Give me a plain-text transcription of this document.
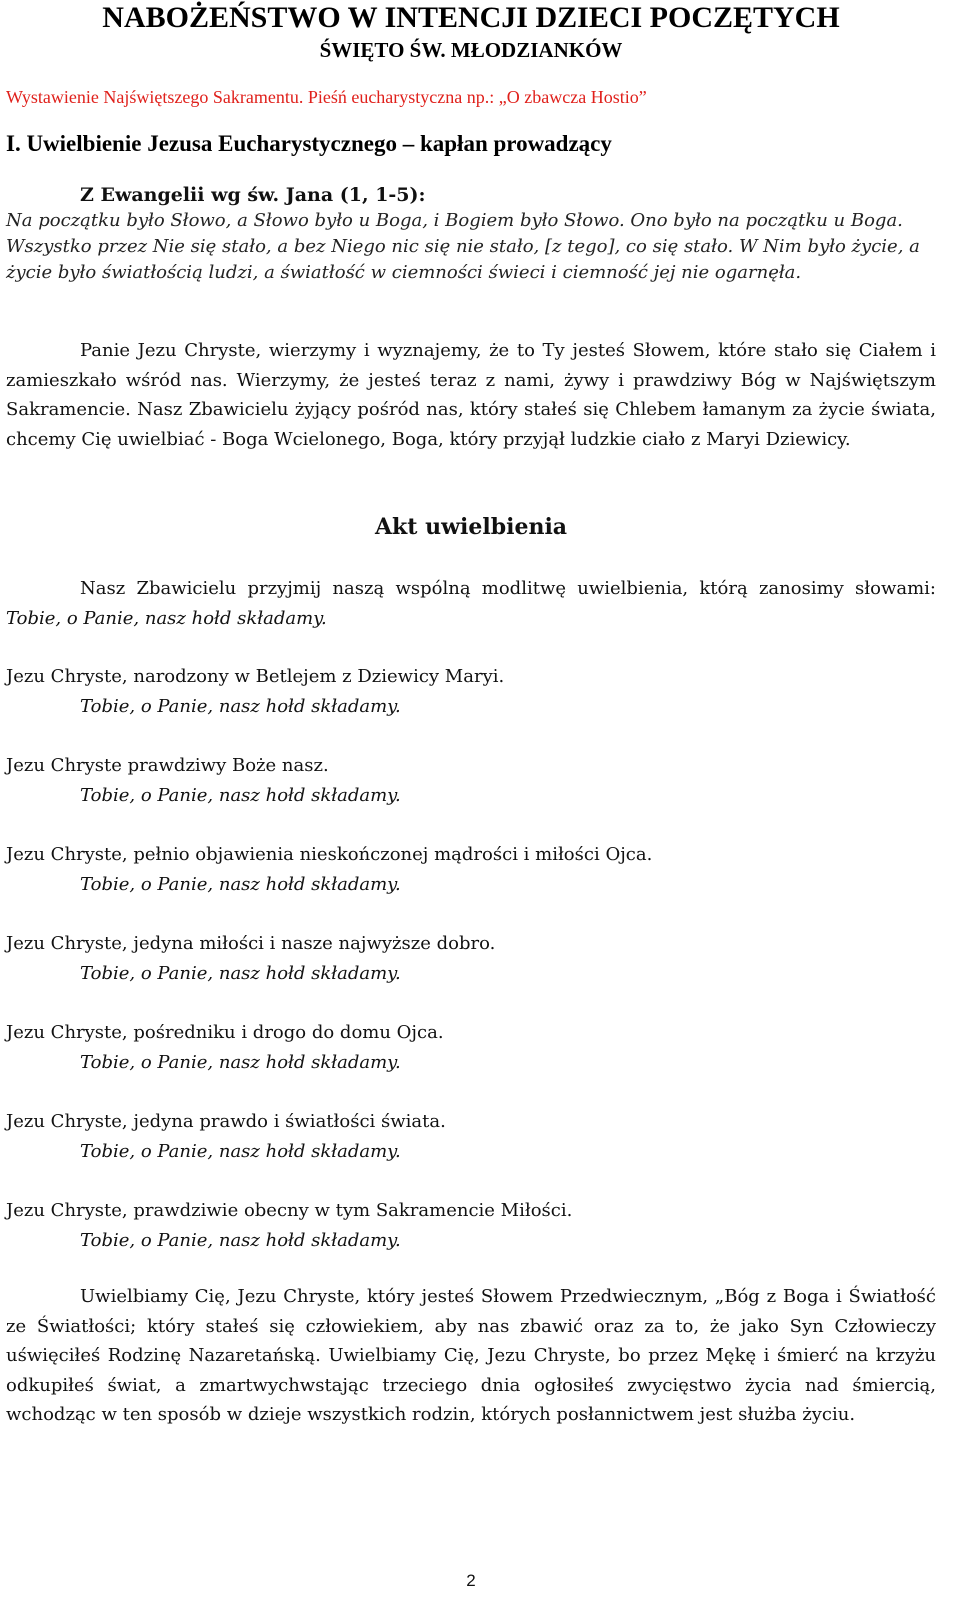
NABOŻEŃSTWO W INTENCJI DZIECI POCZĘTYCH
ŚWIĘTO ŚW. MŁODZIANKÓW
Wystawienie Najświętszego Sakramentu. Pieśń eucharystyczna np.: „O zbawcza Hostio”
I. Uwielbienie Jezusa Eucharystycznego – kapłan prowadzący
Z Ewangelii wg św. Jana (1, 1-5):
Na początku było Słowo, a Słowo było u Boga, i Bogiem było Słowo. Ono było na początku u Boga. Wszystko przez Nie się stało, a bez Niego nic się nie stało, [z tego], co się stało. W Nim było życie, a życie było światłością ludzi, a światłość w ciemności świeci i ciemność jej nie ogarnęła.
Panie Jezu Chryste, wierzymy i wyznajemy, że to Ty jesteś Słowem, które stało się Ciałem i zamieszkało wśród nas. Wierzymy, że jesteś teraz z nami, żywy i prawdziwy Bóg w Najświętszym Sakramencie. Nasz Zbawicielu żyjący pośród nas, który stałeś się Chlebem łamanym za życie świata, chcemy Cię uwielbiać - Boga Wcielonego, Boga, który przyjął ludzkie ciało z Maryi Dziewicy.
Akt uwielbienia
Nasz Zbawicielu przyjmij naszą wspólną modlitwę uwielbienia, którą zanosimy słowami: Tobie, o Panie, nasz hołd składamy.

Jezu Chryste, narodzony w Betlejem z Dziewicy Maryi.

Tobie, o Panie, nasz hołd składamy.

Jezu Chryste prawdziwy Boże nasz.

Tobie, o Panie, nasz hołd składamy.

Jezu Chryste, pełnio objawienia nieskończonej mądrości i miłości Ojca.

Tobie, o Panie, nasz hołd składamy.

Jezu Chryste, jedyna miłości i nasze najwyższe dobro.

Tobie, o Panie, nasz hołd składamy.

Jezu Chryste, pośredniku i drogo do domu Ojca.

Tobie, o Panie, nasz hołd składamy.

Jezu Chryste, jedyna prawdo i światłości świata.

Tobie, o Panie, nasz hołd składamy.

Jezu Chryste, prawdziwie obecny w tym Sakramencie Miłości.

Tobie, o Panie, nasz hołd składamy.

Uwielbiamy Cię, Jezu Chryste, który jesteś Słowem Przedwiecznym, „Bóg z Boga i Światłość ze Światłości; który stałeś się człowiekiem, aby nas zbawić oraz za to, że jako Syn Człowieczy uświęciłeś Rodzinę Nazaretańską. Uwielbiamy Cię, Jezu Chryste, bo przez Mękę i śmierć na krzyżu odkupiłeś świat, a zmartwychwstając trzeciego dnia ogłosiłeś zwycięstwo życia nad śmiercią, wchodząc w ten sposób w dzieje wszystkich rodzin, których posłannictwem jest służba życiu.
2
